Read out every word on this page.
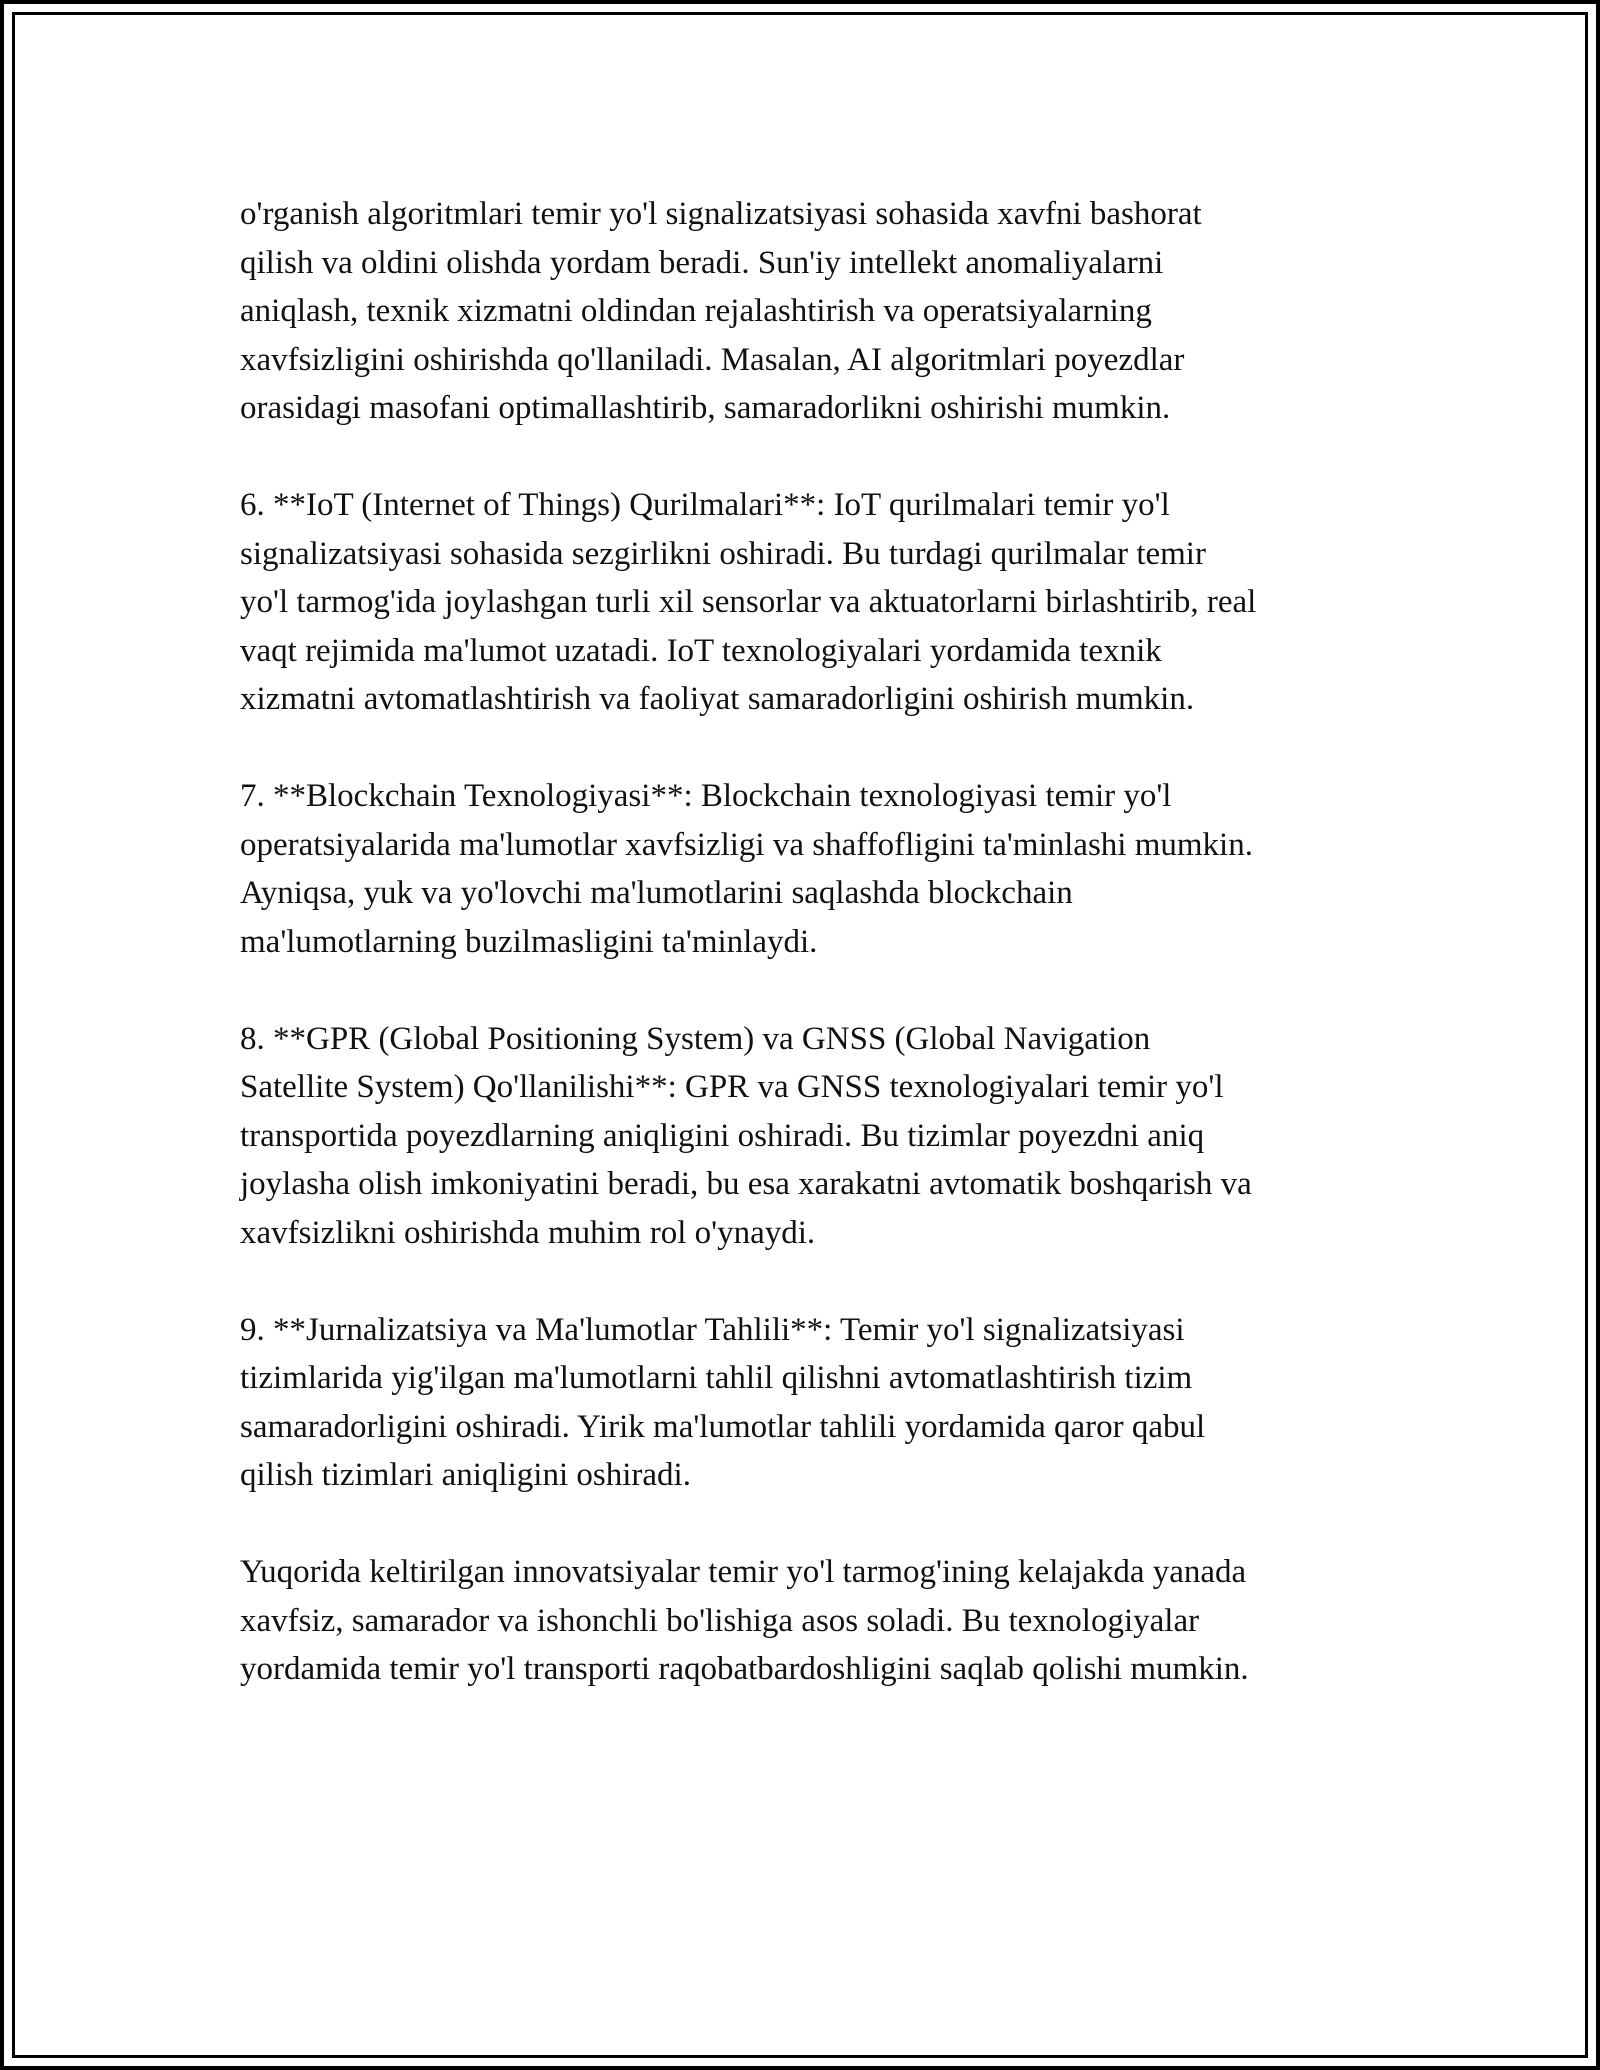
o'rganish algoritmlari temir yo'l signalizatsiyasi sohasida xavfni bashorat
qilish va oldini olishda yordam beradi. Sun'iy intellekt anomaliyalarni
aniqlash, texnik xizmatni oldindan rejalashtirish va operatsiyalarning
xavfsizligini oshirishda qo'llaniladi. Masalan, AI algoritmlari poyezdlar
orasidagi masofani optimallashtirib, samaradorlikni oshirishi mumkin.

6. **IoT (Internet of Things) Qurilmalari**: IoT qurilmalari temir yo'l
signalizatsiyasi sohasida sezgirlikni oshiradi. Bu turdagi qurilmalar temir
yo'l tarmog'ida joylashgan turli xil sensorlar va aktuatorlarni birlashtirib, real
vaqt rejimida ma'lumot uzatadi. IoT texnologiyalari yordamida texnik
xizmatni avtomatlashtirish va faoliyat samaradorligini oshirish mumkin.

7. **Blockchain Texnologiyasi**: Blockchain texnologiyasi temir yo'l
operatsiyalarida ma'lumotlar xavfsizligi va shaffofligini ta'minlashi mumkin.
Ayniqsa, yuk va yo'lovchi ma'lumotlarini saqlashda blockchain
ma'lumotlarning buzilmasligini ta'minlaydi.

8. **GPR (Global Positioning System) va GNSS (Global Navigation
Satellite System) Qo'llanilishi**: GPR va GNSS texnologiyalari temir yo'l
transportida poyezdlarning aniqligini oshiradi. Bu tizimlar poyezdni aniq
joylasha olish imkoniyatini beradi, bu esa xarakatni avtomatik boshqarish va
xavfsizlikni oshirishda muhim rol o'ynaydi.

9. **Jurnalizatsiya va Ma'lumotlar Tahlili**: Temir yo'l signalizatsiyasi
tizimlarida yig'ilgan ma'lumotlarni tahlil qilishni avtomatlashtirish tizim
samaradorligini oshiradi. Yirik ma'lumotlar tahlili yordamida qaror qabul
qilish tizimlari aniqligini oshiradi.

Yuqorida keltirilgan innovatsiyalar temir yo'l tarmog'ining kelajakda yanada
xavfsiz, samarador va ishonchli bo'lishiga asos soladi. Bu texnologiyalar
yordamida temir yo'l transporti raqobatbardoshligini saqlab qolishi mumkin.
